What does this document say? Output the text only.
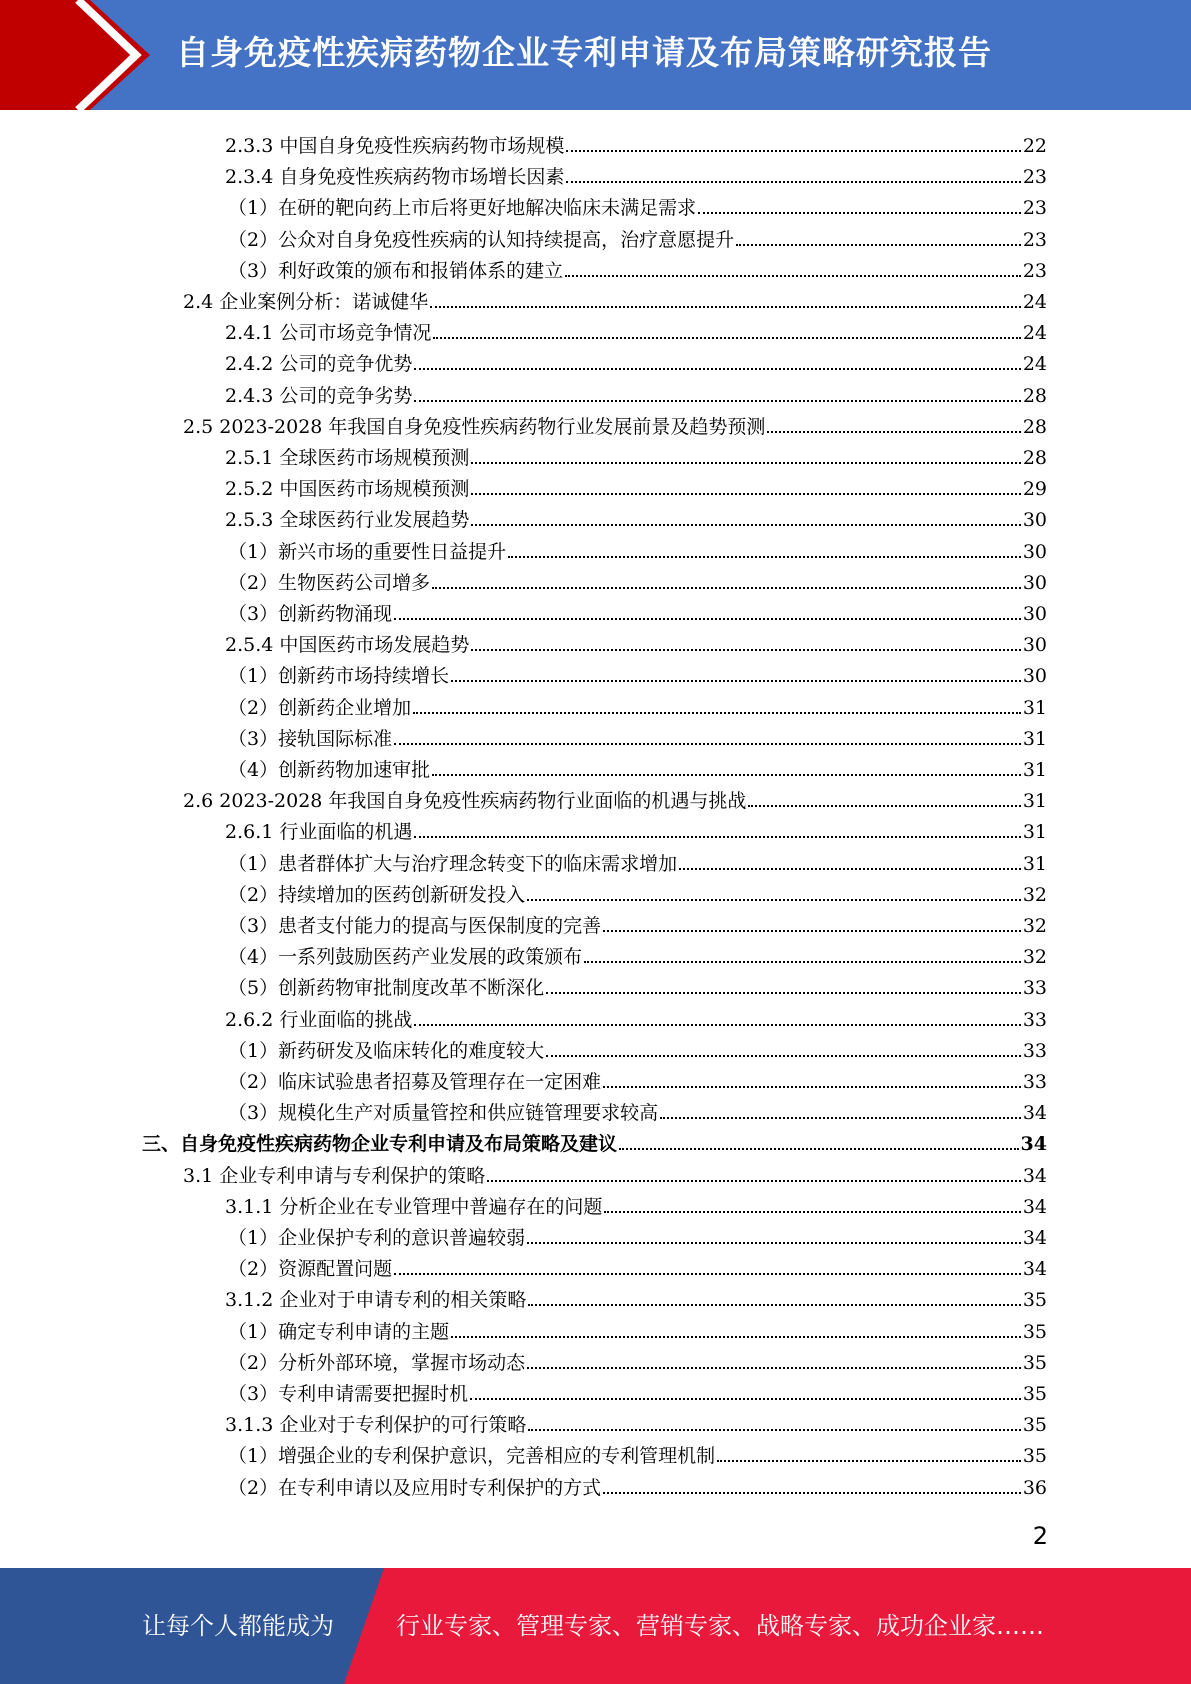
自身免疫性疾病药物企业专利申请及布局策略研究报告
2.3.3 中国自身免疫性疾病药物市场规模	22
2.3.4 自身免疫性疾病药物市场增长因素	23
（1）在研的靶向药上市后将更好地解决临床未满足需求	23
（2）公众对自身免疫性疾病的认知持续提高，治疗意愿提升	23
（3）利好政策的颁布和报销体系的建立	23
2.4 企业案例分析：诺诚健华	24
2.4.1 公司市场竞争情况	24
2.4.2 公司的竞争优势	24
2.4.3 公司的竞争劣势	28
2.5 2023-2028 年我国自身免疫性疾病药物行业发展前景及趋势预测	28
2.5.1 全球医药市场规模预测	28
2.5.2 中国医药市场规模预测	29
2.5.3 全球医药行业发展趋势	30
（1）新兴市场的重要性日益提升	30
（2）生物医药公司增多	30
（3）创新药物涌现	30
2.5.4 中国医药市场发展趋势	30
（1）创新药市场持续增长	30
（2）创新药企业增加	31
（3）接轨国际标准	31
（4）创新药物加速审批	31
2.6 2023-2028 年我国自身免疫性疾病药物行业面临的机遇与挑战	31
2.6.1 行业面临的机遇	31
（1）患者群体扩大与治疗理念转变下的临床需求增加	31
（2）持续增加的医药创新研发投入	32
（3）患者支付能力的提高与医保制度的完善	32
（4）一系列鼓励医药产业发展的政策颁布	32
（5）创新药物审批制度改革不断深化	33
2.6.2 行业面临的挑战	33
（1）新药研发及临床转化的难度较大	33
（2）临床试验患者招募及管理存在一定困难	33
（3）规模化生产对质量管控和供应链管理要求较高	34
三、自身免疫性疾病药物企业专利申请及布局策略及建议	34
3.1 企业专利申请与专利保护的策略	34
3.1.1 分析企业在专业管理中普遍存在的问题	34
（1）企业保护专利的意识普遍较弱	34
（2）资源配置问题	34
3.1.2 企业对于申请专利的相关策略	35
（1）确定专利申请的主题	35
（2）分析外部环境，掌握市场动态	35
（3）专利申请需要把握时机	35
3.1.3 企业对于专利保护的可行策略	35
（1）增强企业的专利保护意识，完善相应的专利管理机制	35
（2）在专利申请以及应用时专利保护的方式	36
2
让每个人都能成为	行业专家、管理专家、营销专家、战略专家、成功企业家……
